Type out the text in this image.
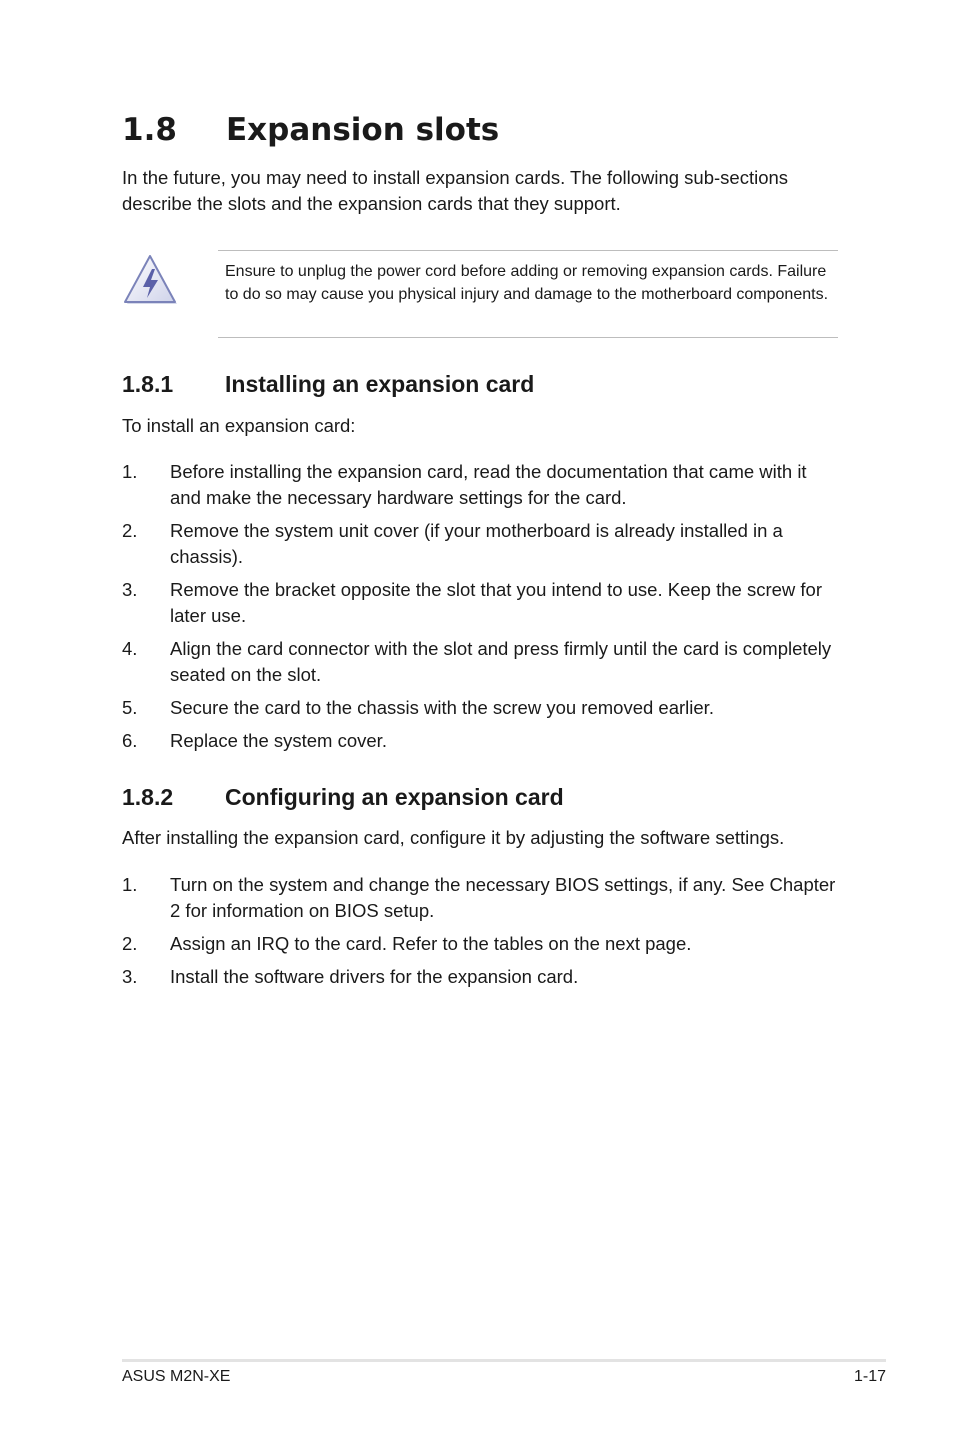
1.8	Expansion slots

In the future, you may need to install expansion cards. The following sub-sections describe the slots and the expansion cards that they support.

Ensure to unplug the power cord before adding or removing expansion cards. Failure to do so may cause you physical injury and damage to the motherboard components.

1.8.1	Installing an expansion card

To install an expansion card:

1.	Before installing the expansion card, read the documentation that came with it and make the necessary hardware settings for the card.
2.	Remove the system unit cover (if your motherboard is already installed in a chassis).
3.	Remove the bracket opposite the slot that you intend to use. Keep the screw for later use.
4.	Align the card connector with the slot and press firmly until the card is completely seated on the slot.
5.	Secure the card to the chassis with the screw you removed earlier.
6.	Replace the system cover.
1.8.2	Configuring an expansion card

After installing the expansion card, configure it by adjusting the software settings.

1.	Turn on the system and change the necessary BIOS settings, if any. See Chapter 2 for information on BIOS setup.
2.	Assign an IRQ to the card. Refer to the tables on the next page.
3.	Install the software drivers for the expansion card.
ASUS M2N-XE	1-17
